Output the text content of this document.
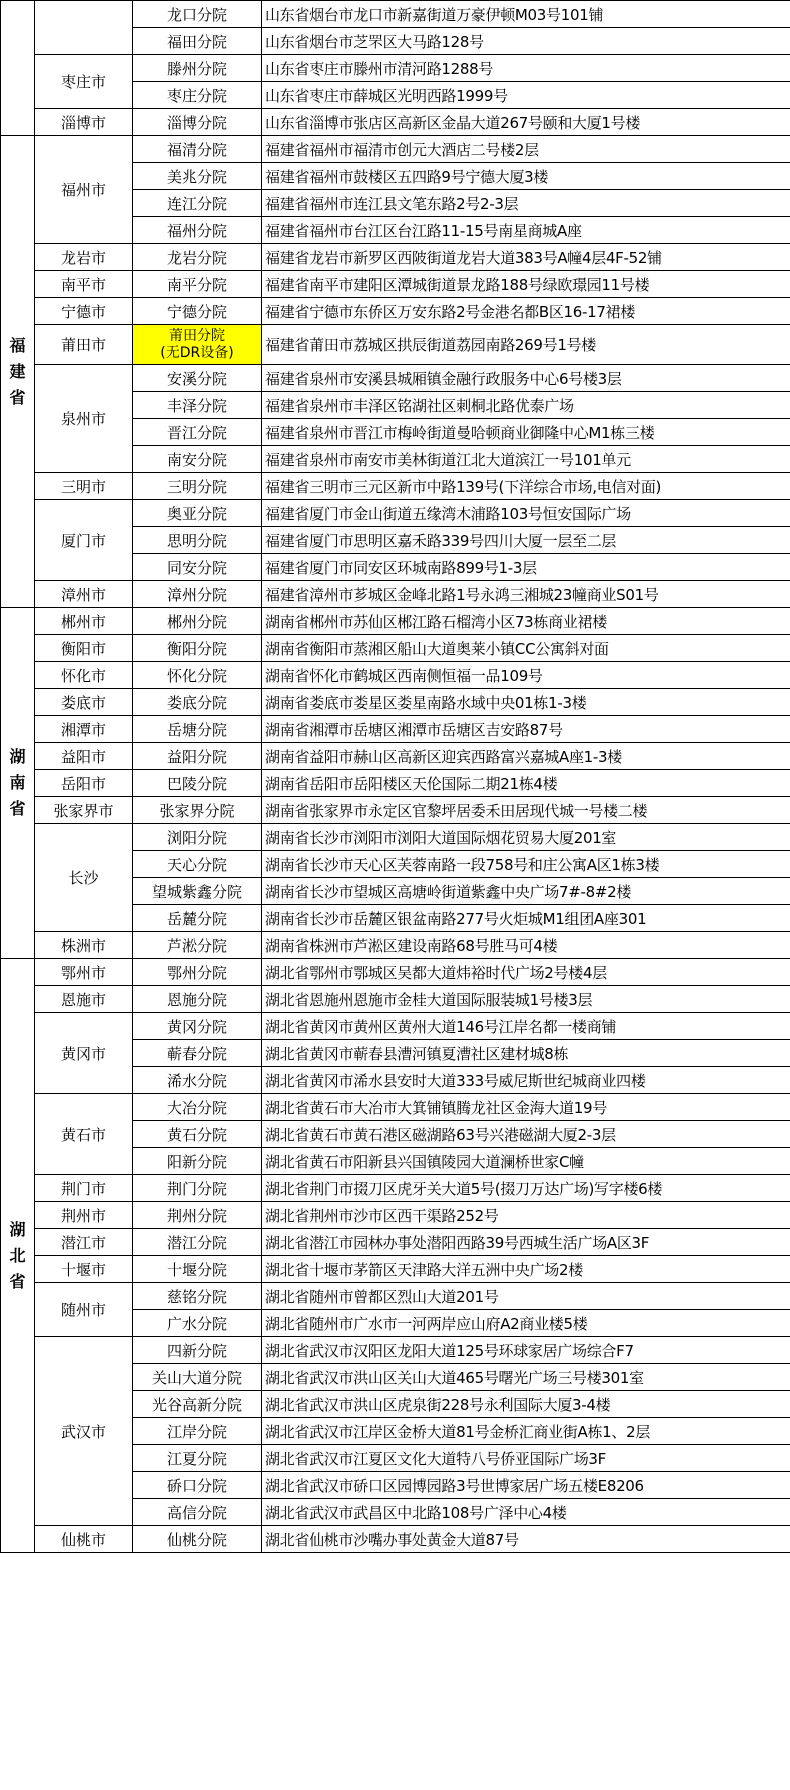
		龙口分院	山东省烟台市龙口市新嘉街道万豪伊顿M03号101铺

		福田分院	山东省烟台市芝罘区大马路128号
	枣庄市	滕州分院	山东省枣庄市滕州市清河路1288号

		枣庄分院	山东省枣庄市薛城区光明西路1999号
	淄博市	淄博分院	山东省淄博市张店区高新区金晶大道267号颐和大厦1号楼

福
建
省	福州市	福清分院	福建省福州市福清市创元大酒店二号楼2层

		美兆分院	福建省福州市鼓楼区五四路9号宁德大厦3楼

		连江分院	福建省福州市连江县文笔东路2号2-3层

		福州分院	福建省福州市台江区台江路11-15号南星商城A座
	龙岩市	龙岩分院	福建省龙岩市新罗区西陂街道龙岩大道383号A幢4层4F-52铺
	南平市	南平分院	福建省南平市建阳区潭城街道景龙路188号绿欧璟园11号楼
	宁德市	宁德分院	福建省宁德市东侨区万安东路2号金港名都B区16-17裙楼
	莆田市	莆田分院
(无DR设备)	福建省莆田市荔城区拱辰街道荔园南路269号1号楼
	泉州市	安溪分院	福建省泉州市安溪县城厢镇金融行政服务中心6号楼3层

		丰泽分院	福建省泉州市丰泽区铭湖社区刺桐北路优泰广场

		晋江分院	福建省泉州市晋江市梅岭街道曼哈顿商业御隆中心M1栋三楼

		南安分院	福建省泉州市南安市美林街道江北大道滨江一号101单元
	三明市	三明分院	福建省三明市三元区新市中路139号(下洋综合市场,电信对面)
	厦门市	奥亚分院	福建省厦门市金山街道五缘湾木浦路103号恒安国际广场

		思明分院	福建省厦门市思明区嘉禾路339号四川大厦一层至二层

		同安分院	福建省厦门市同安区环城南路899号1-3层
	漳州市	漳州分院	福建省漳州市芗城区金峰北路1号永鸿三湘城23幢商业S01号

湖
南
省	郴州市	郴州分院	湖南省郴州市苏仙区郴江路石榴湾小区73栋商业裙楼
	衡阳市	衡阳分院	湖南省衡阳市蒸湘区船山大道奥莱小镇CC公寓斜对面
	怀化市	怀化分院	湖南省怀化市鹤城区西南侧恒福一品109号
	娄底市	娄底分院	湖南省娄底市娄星区娄星南路水域中央01栋1-3楼
	湘潭市	岳塘分院	湖南省湘潭市岳塘区湘潭市岳塘区吉安路87号
	益阳市	益阳分院	湖南省益阳市赫山区高新区迎宾西路富兴嘉城A座1-3楼
	岳阳市	巴陵分院	湖南省岳阳市岳阳楼区天伦国际二期21栋4楼
	张家界市	张家界分院	湖南省张家界市永定区官黎坪居委禾田居现代城一号楼二楼
	长沙	浏阳分院	湖南省长沙市浏阳市浏阳大道国际烟花贸易大厦201室

		天心分院	湖南省长沙市天心区芙蓉南路一段758号和庄公寓A区1栋3楼

		望城紫鑫分院	湖南省长沙市望城区高塘岭街道紫鑫中央广场7#-8#2楼

		岳麓分院	湖南省长沙市岳麓区银盆南路277号火炬城M1组团A座301
	株洲市	芦淞分院	湖南省株洲市芦淞区建设南路68号胜马可4楼

湖
北
省	鄂州市	鄂州分院	湖北省鄂州市鄂城区吴都大道炜裕时代广场2号楼4层
	恩施市	恩施分院	湖北省恩施州恩施市金桂大道国际服装城1号楼3层
	黄冈市	黄冈分院	湖北省黄冈市黄州区黄州大道146号江岸名都一楼商铺

		蕲春分院	湖北省黄冈市蕲春县漕河镇夏漕社区建材城8栋

		浠水分院	湖北省黄冈市浠水县安时大道333号威尼斯世纪城商业四楼
	黄石市	大冶分院	湖北省黄石市大冶市大箕铺镇腾龙社区金海大道19号

		黄石分院	湖北省黄石市黄石港区磁湖路63号兴港磁湖大厦2-3层

		阳新分院	湖北省黄石市阳新县兴国镇陵园大道澜桥世家C幢
	荆门市	荆门分院	湖北省荆门市掇刀区虎牙关大道5号(掇刀万达广场)写字楼6楼
	荆州市	荆州分院	湖北省荆州市沙市区西干渠路252号
	潜江市	潜江分院	湖北省潜江市园林办事处潜阳西路39号西城生活广场A区3F
	十堰市	十堰分院	湖北省十堰市茅箭区天津路大洋五洲中央广场2楼
	随州市	慈铭分院	湖北省随州市曾都区烈山大道201号

		广水分院	湖北省随州市广水市一河两岸应山府A2商业楼5楼
	武汉市	四新分院	湖北省武汉市汉阳区龙阳大道125号环球家居广场综合F7

		关山大道分院	湖北省武汉市洪山区关山大道465号曙光广场三号楼301室

		光谷高新分院	湖北省武汉市洪山区虎泉街228号永利国际大厦3-4楼

		江岸分院	湖北省武汉市江岸区金桥大道81号金桥汇商业街A栋1、2层

		江夏分院	湖北省武汉市江夏区文化大道特八号侨亚国际广场3F

		硚口分院	湖北省武汉市硚口区园博园路3号世博家居广场五楼E8206

		高信分院	湖北省武汉市武昌区中北路108号广泽中心4楼
	仙桃市	仙桃分院	湖北省仙桃市沙嘴办事处黄金大道87号
